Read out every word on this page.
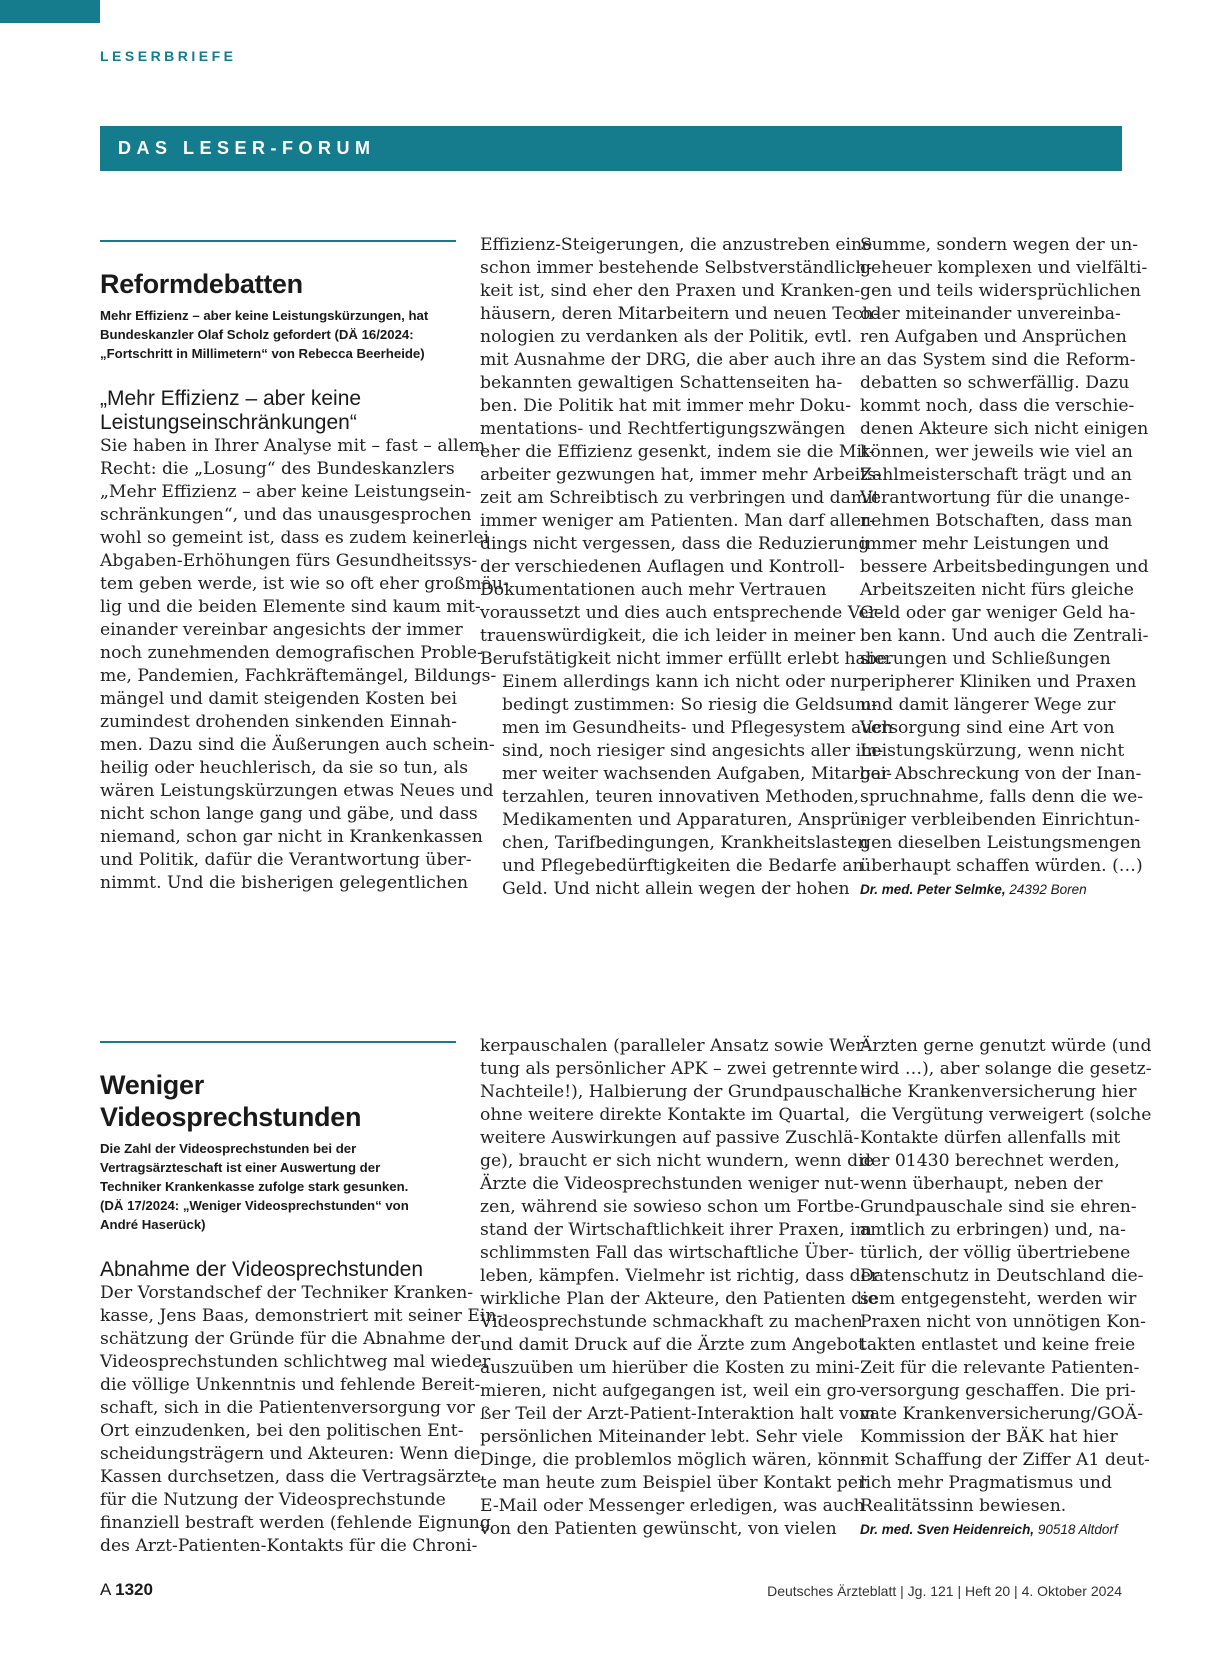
LESERBRIEFE
DAS LESER-FORUM
Reformdebatten
Mehr Effizienz – aber keine Leistungskürzungen, hat
Bundeskanzler Olaf Scholz gefordert (DÄ 16/2024:
„Fortschritt in Millimetern“ von Rebecca Beerheide)
„Mehr Effizienz – aber keine
Leistungseinschränkungen“

Sie haben in Ihrer Analyse mit – fast – allem
Recht: die „Losung“ des Bundeskanzlers
„Mehr Effizienz – aber keine Leistungsein-
schränkungen“, und das unausgesprochen
wohl so gemeint ist, dass es zudem keinerlei
Abgaben-Erhöhungen fürs Gesundheitssys-
tem geben werde, ist wie so oft eher großmäu-
lig und die beiden Elemente sind kaum mit-
einander vereinbar angesichts der immer
noch zunehmenden demografischen Proble-
me, Pandemien, Fachkräftemängel, Bildungs-
mängel und damit steigenden Kosten bei
zumindest drohenden sinkenden Einnah-
men. Dazu sind die Äußerungen auch schein-
heilig oder heuchlerisch, da sie so tun, als
wären Leistungskürzungen etwas Neues und
nicht schon lange gang und gäbe, und dass
niemand, schon gar nicht in Krankenkassen
und Politik, dafür die Verantwortung über-
nimmt. Und die bisherigen gelegentlichen

Effizienz-Steigerungen, die anzustreben eine
schon immer bestehende Selbstverständlich-
keit ist, sind eher den Praxen und Kranken-
häusern, deren Mitarbeitern und neuen Tech-
nologien zu verdanken als der Politik, evtl.
mit Ausnahme der DRG, die aber auch ihre
bekannten gewaltigen Schattenseiten ha-
ben. Die Politik hat mit immer mehr Doku-
mentations- und Rechtfertigungszwängen
eher die Effizienz gesenkt, indem sie die Mit-
arbeiter gezwungen hat, immer mehr Arbeits-
zeit am Schreibtisch zu verbringen und damit
immer weniger am Patienten. Man darf aller-
dings nicht vergessen, dass die Reduzierung
der verschiedenen Auflagen und Kontroll-
Dokumentationen auch mehr Vertrauen
voraussetzt und dies auch entsprechende Ver-
trauenswürdigkeit, die ich leider in meiner
Berufstätigkeit nicht immer erfüllt erlebt habe.

Einem allerdings kann ich nicht oder nur
bedingt zustimmen: So riesig die Geldsum-
men im Gesundheits- und Pflegesystem auch
sind, noch riesiger sind angesichts aller im-
mer weiter wachsenden Aufgaben, Mitarbei-
terzahlen, teuren innovativen Methoden,
Medikamenten und Apparaturen, Ansprü-
chen, Tarifbedingungen, Krankheitslasten
und Pflegebedürftigkeiten die Bedarfe an
Geld. Und nicht allein wegen der hohen

Summe, sondern wegen der un-
geheuer komplexen und vielfälti-
gen und teils widersprüchlichen
oder miteinander unvereinba-
ren Aufgaben und Ansprüchen
an das System sind die Reform-
debatten so schwerfällig. Dazu
kommt noch, dass die verschie-
denen Akteure sich nicht einigen
können, wer jeweils wie viel an
Zahlmeisterschaft trägt und an
Verantwortung für die unange-
nehmen Botschaften, dass man
immer mehr Leistungen und
bessere Arbeitsbedingungen und
Arbeitszeiten nicht fürs gleiche
Geld oder gar weniger Geld ha-
ben kann. Und auch die Zentrali-
sierungen und Schließungen
peripherer Kliniken und Praxen
und damit längerer Wege zur
Versorgung sind eine Art von
Leistungskürzung, wenn nicht
gar Abschreckung von der Inan-
spruchnahme, falls denn die we-
niger verbleibenden Einrichtun-
gen dieselben Leistungsmengen
überhaupt schaffen würden. (…)

Dr. med. Peter Selmke, 24392 Boren
Weniger Videosprechstunden
Die Zahl der Videosprechstunden bei der
Vertragsärzteschaft ist einer Auswertung der
Techniker Krankenkasse zufolge stark gesunken.
(DÄ 17/2024: „Weniger Videosprechstunden“ von
André Haserück)
Abnahme der Videosprechstunden

Der Vorstandschef der Techniker Kranken-
kasse, Jens Baas, demonstriert mit seiner Ein-
schätzung der Gründe für die Abnahme der
Videosprechstunden schlichtweg mal wieder
die völlige Unkenntnis und fehlende Bereit-
schaft, sich in die Patientenversorgung vor
Ort einzudenken, bei den politischen Ent-
scheidungsträgern und Akteuren: Wenn die
Kassen durchsetzen, dass die Vertragsärzte
für die Nutzung der Videosprechstunde
finanziell bestraft werden (fehlende Eignung
des Arzt-Patienten-Kontakts für die Chroni-

kerpauschalen (paralleler Ansatz sowie Wer-
tung als persönlicher APK – zwei getrennte
Nachteile!), Halbierung der Grundpauschale
ohne weitere direkte Kontakte im Quartal,
weitere Auswirkungen auf passive Zuschlä-
ge), braucht er sich nicht wundern, wenn die
Ärzte die Videosprechstunden weniger nut-
zen, während sie sowieso schon um Fortbe-
stand der Wirtschaftlichkeit ihrer Praxen, im
schlimmsten Fall das wirtschaftliche Über-
leben, kämpfen. Vielmehr ist richtig, dass der
wirkliche Plan der Akteure, den Patienten die
Videosprechstunde schmackhaft zu machen
und damit Druck auf die Ärzte zum Angebot
auszuüben um hierüber die Kosten zu mini-
mieren, nicht aufgegangen ist, weil ein gro-
ßer Teil der Arzt-Patient-Interaktion halt vom
persönlichen Miteinander lebt. Sehr viele
Dinge, die problemlos möglich wären, könn-
te man heute zum Beispiel über Kontakt per
E-Mail oder Messenger erledigen, was auch
von den Patienten gewünscht, von vielen

Ärzten gerne genutzt würde (und
wird …), aber solange die gesetz-
liche Krankenversicherung hier
die Vergütung verweigert (solche
Kontakte dürfen allenfalls mit
der 01430 berechnet werden,
wenn überhaupt, neben der
Grundpauschale sind sie ehren-
amtlich zu erbringen) und, na-
türlich, der völlig übertriebene
Datenschutz in Deutschland die-
sem entgegensteht, werden wir
Praxen nicht von unnötigen Kon-
takten entlastet und keine freie
Zeit für die relevante Patienten-
versorgung geschaffen. Die pri-
vate Krankenversicherung/GOÄ-
Kommission der BÄK hat hier
mit Schaffung der Ziffer A1 deut-
lich mehr Pragmatismus und
Realitätssinn bewiesen.

Dr. med. Sven Heidenreich, 90518 Altdorf
A 1320	Deutsches Ärzteblatt | Jg. 121 | Heft 20 | 4. Oktober 2024
